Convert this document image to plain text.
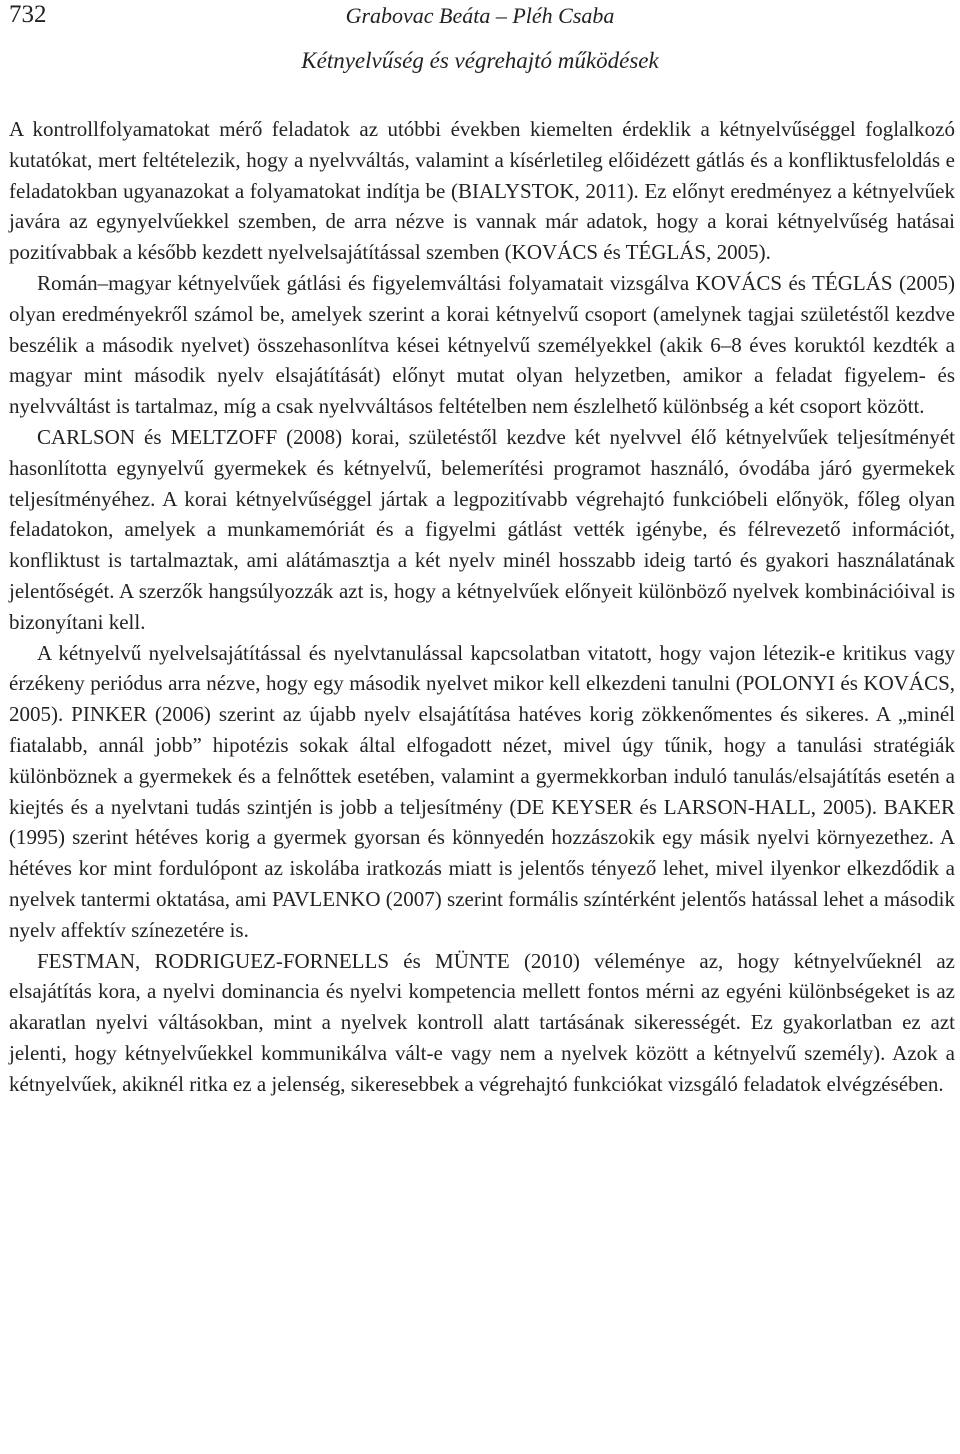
732	Grabovac Beáta – Pléh Csaba
Kétnyelvűség és végrehajtó működések

A kontrollfolyamatokat mérő feladatok az utóbbi években kiemelten érdeklik a kétnyelvűséggel foglalkozó kutatókat, mert feltételezik, hogy a nyelvváltás, valamint a kísérletileg előidézett gátlás és a konfliktusfeloldás e feladatokban ugyanazokat a folyamatokat indítja be (BIALYSTOK, 2011). Ez előnyt eredményez a kétnyelvűek javára az egynyelvűekkel szemben, de arra nézve is vannak már adatok, hogy a korai kétnyelvűség hatásai pozitívabbak a később kezdett nyelvelsajátítással szemben (KOVÁCS és TÉGLÁS, 2005).

Román–magyar kétnyelvűek gátlási és figyelemváltási folyamatait vizsgálva KOVÁCS és TÉGLÁS (2005) olyan eredményekről számol be, amelyek szerint a korai kétnyelvű csoport (amelynek tagjai születéstől kezdve beszélik a második nyelvet) összehasonlítva kései kétnyelvű személyekkel (akik 6–8 éves koruktól kezdték a magyar mint második nyelv elsajátítását) előnyt mutat olyan helyzetben, amikor a feladat figyelem- és nyelvváltást is tartalmaz, míg a csak nyelvváltásos feltételben nem észlelhető különbség a két csoport között.

CARLSON és MELTZOFF (2008) korai, születéstől kezdve két nyelvvel élő kétnyelvűek teljesítményét hasonlította egynyelvű gyermekek és kétnyelvű, belemerítési programot használó, óvodába járó gyermekek teljesítményéhez. A korai kétnyelvűséggel jártak a legpozitívabb végrehajtó funkcióbeli előnyök, főleg olyan feladatokon, amelyek a munkamemóriát és a figyelmi gátlást vették igénybe, és félrevezető információt, konfliktust is tartalmaztak, ami alátámasztja a két nyelv minél hosszabb ideig tartó és gyakori használatának jelentőségét. A szerzők hangsúlyozzák azt is, hogy a kétnyelvűek előnyeit különböző nyelvek kombinációival is bizonyítani kell.

A kétnyelvű nyelvelsajátítással és nyelvtanulással kapcsolatban vitatott, hogy vajon létezik-e kritikus vagy érzékeny periódus arra nézve, hogy egy második nyelvet mikor kell elkezdeni tanulni (POLONYI és KOVÁCS, 2005). PINKER (2006) szerint az újabb nyelv elsajátítása hatéves korig zökkenőmentes és sikeres. A „minél fiatalabb, annál jobb” hipotézis sokak által elfogadott nézet, mivel úgy tűnik, hogy a tanulási stratégiák különböznek a gyermekek és a felnőttek esetében, valamint a gyermekkorban induló tanulás/elsajátítás esetén a kiejtés és a nyelvtani tudás szintjén is jobb a teljesítmény (DE KEYSER és LARSON-HALL, 2005). BAKER (1995) szerint hétéves korig a gyermek gyorsan és könnyedén hozzászokik egy másik nyelvi környezethez. A hétéves kor mint fordulópont az iskolába iratkozás miatt is jelentős tényező lehet, mivel ilyenkor elkezdődik a nyelvek tantermi oktatása, ami PAVLENKO (2007) szerint formális színtérként jelentős hatással lehet a második nyelv affektív színezetére is.

FESTMAN, RODRIGUEZ-FORNELLS és MÜNTE (2010) véleménye az, hogy kétnyelvűeknél az elsajátítás kora, a nyelvi dominancia és nyelvi kompetencia mellett fontos mérni az egyéni különbségeket is az akaratlan nyelvi váltásokban, mint a nyelvek kontroll alatt tartásának sikerességét. Ez gyakorlatban ez azt jelenti, hogy kétnyelvűekkel kommunikálva vált-e vagy nem a nyelvek között a kétnyelvű személy). Azok a kétnyelvűek, akiknél ritka ez a jelenség, sikeresebbek a végrehajtó funkciókat vizsgáló feladatok elvégzésében.
